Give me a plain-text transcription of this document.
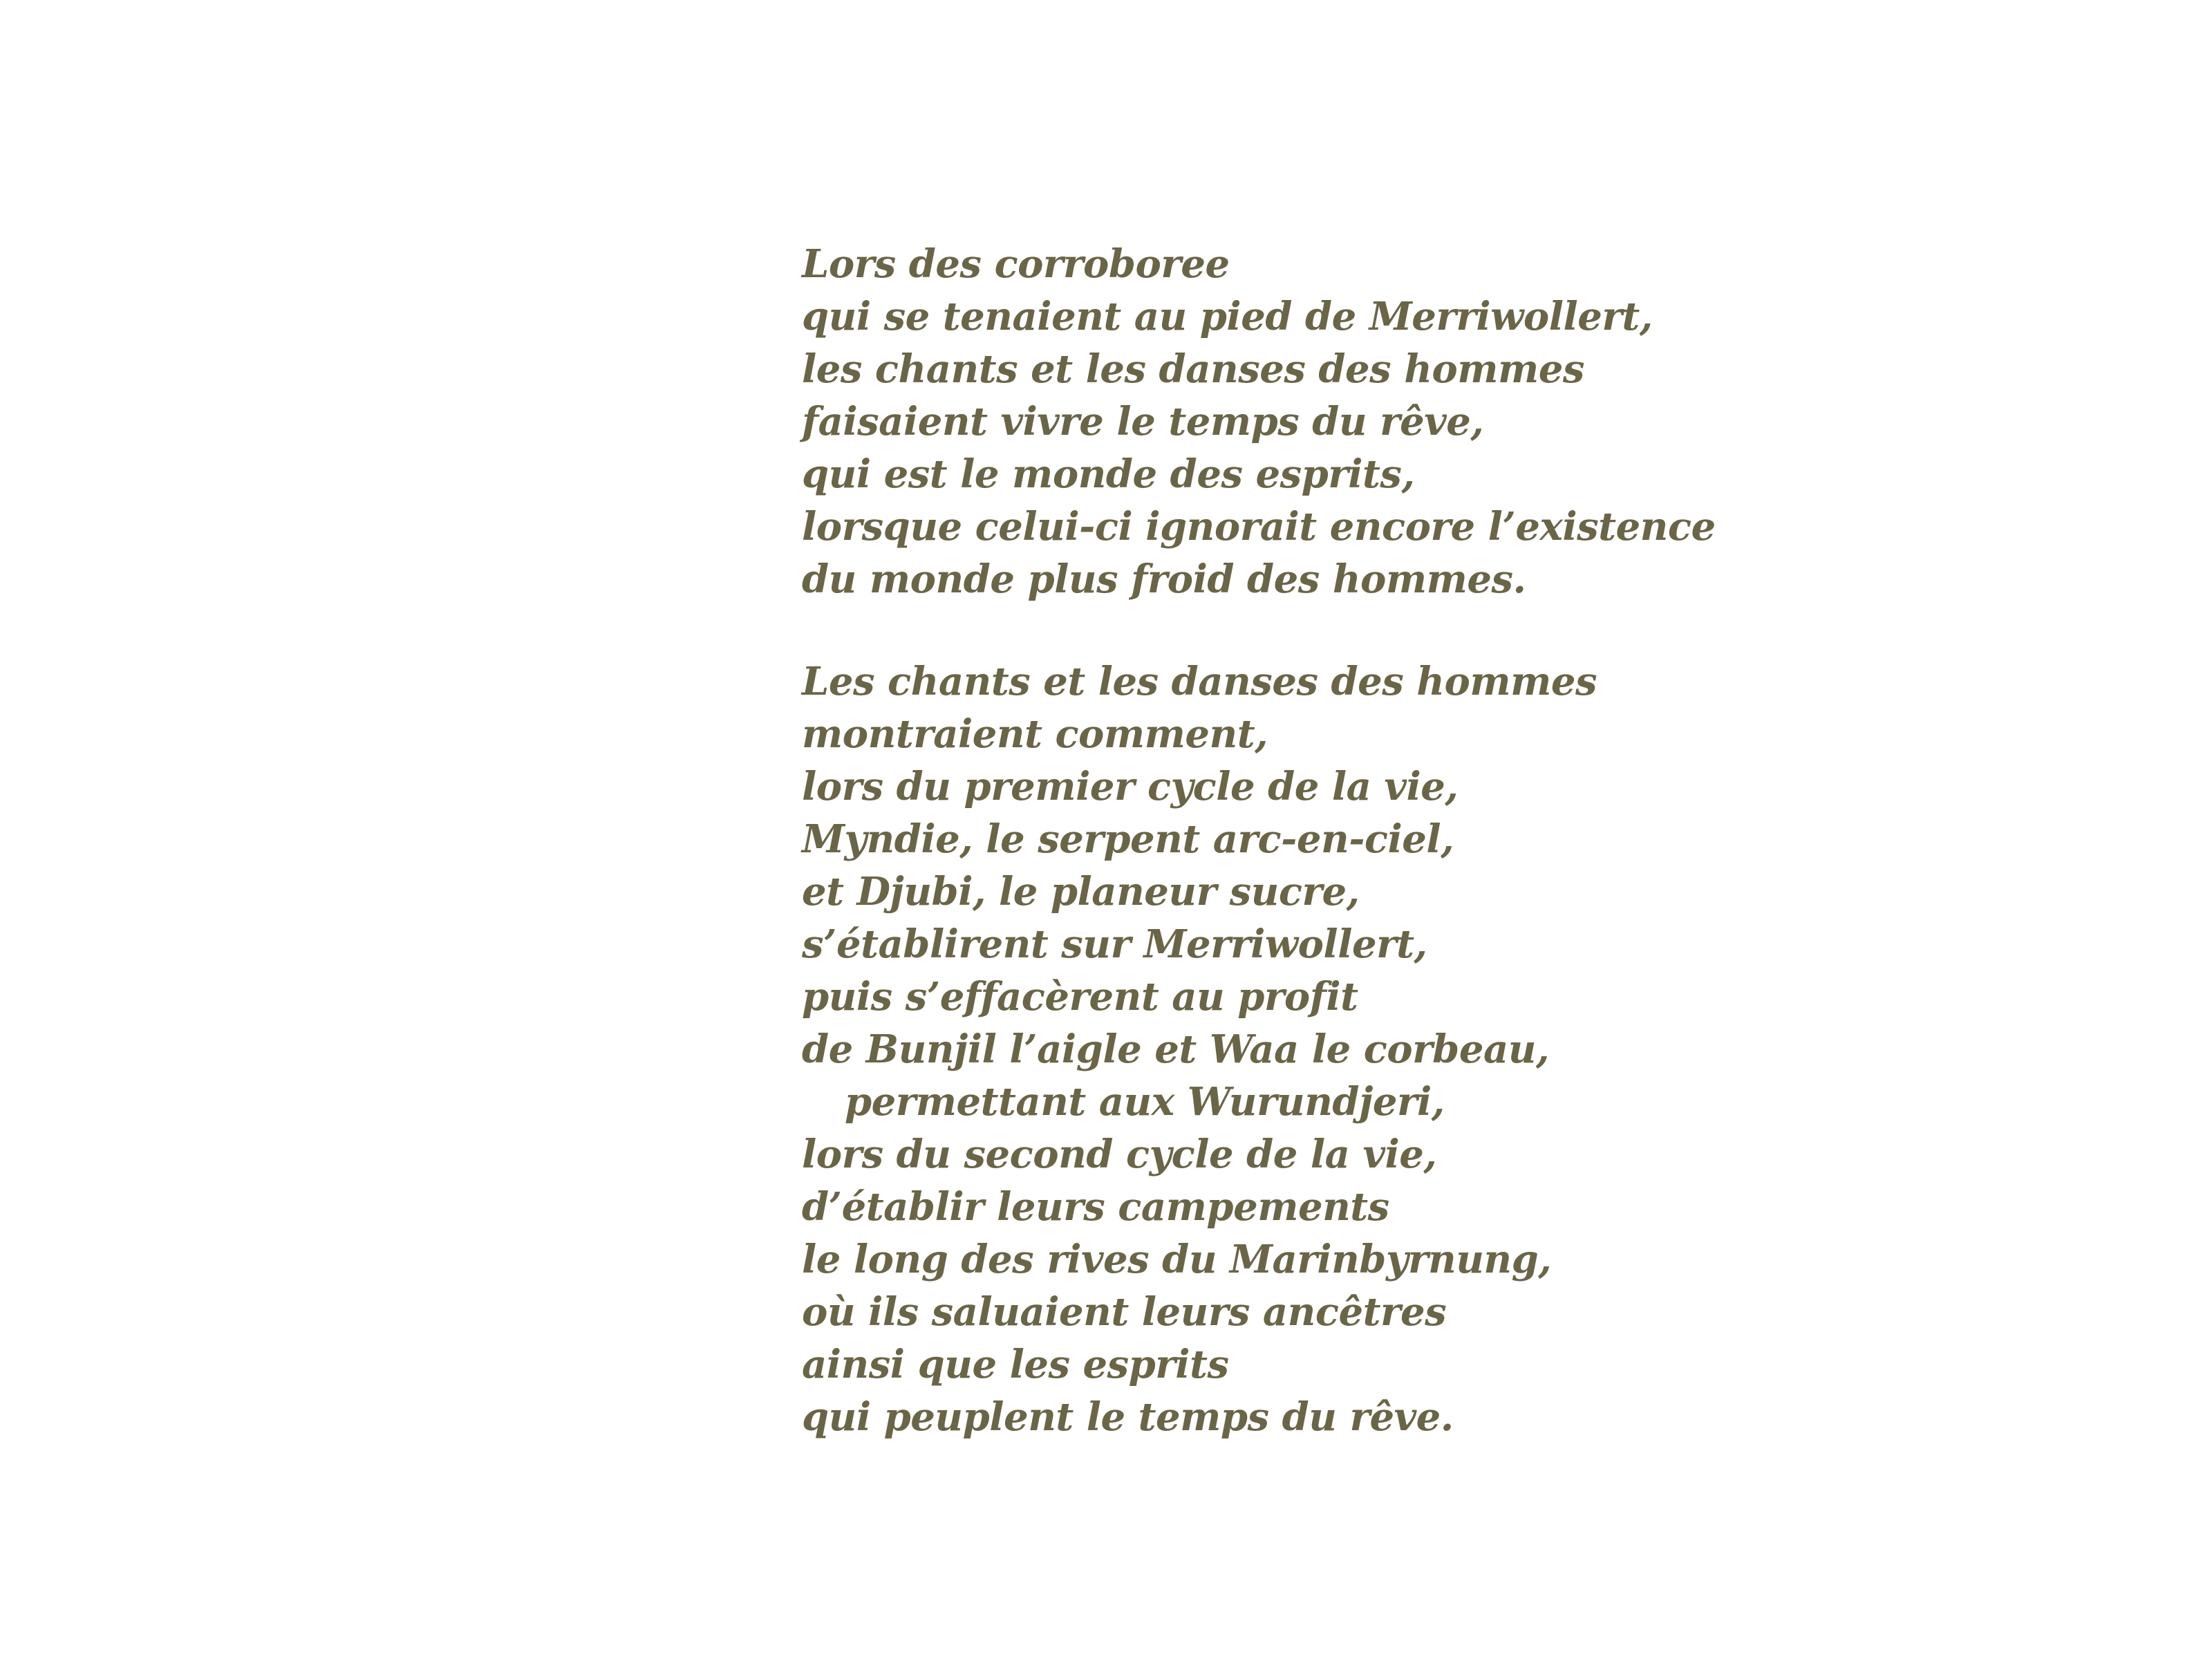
Lors des corroboree
qui se tenaient au pied de Merriwollert,
les chants et les danses des hommes
faisaient vivre le temps du rêve,
qui est le monde des esprits,
lorsque celui-ci ignorait encore l’existence
du monde plus froid des hommes.

Les chants et les danses des hommes
montraient comment,
lors du premier cycle de la vie,
Myndie, le serpent arc-en-ciel,
et Djubi, le planeur sucre,
s’établirent sur Merriwollert,
puis s’effacèrent au profit
de Bunjil l’aigle et Waa le corbeau,
permettant aux Wurundjeri,
lors du second cycle de la vie,
d’établir leurs campements
le long des rives du Marinbyrnung,
où ils saluaient leurs ancêtres
ainsi que les esprits
qui peuplent le temps du rêve.
